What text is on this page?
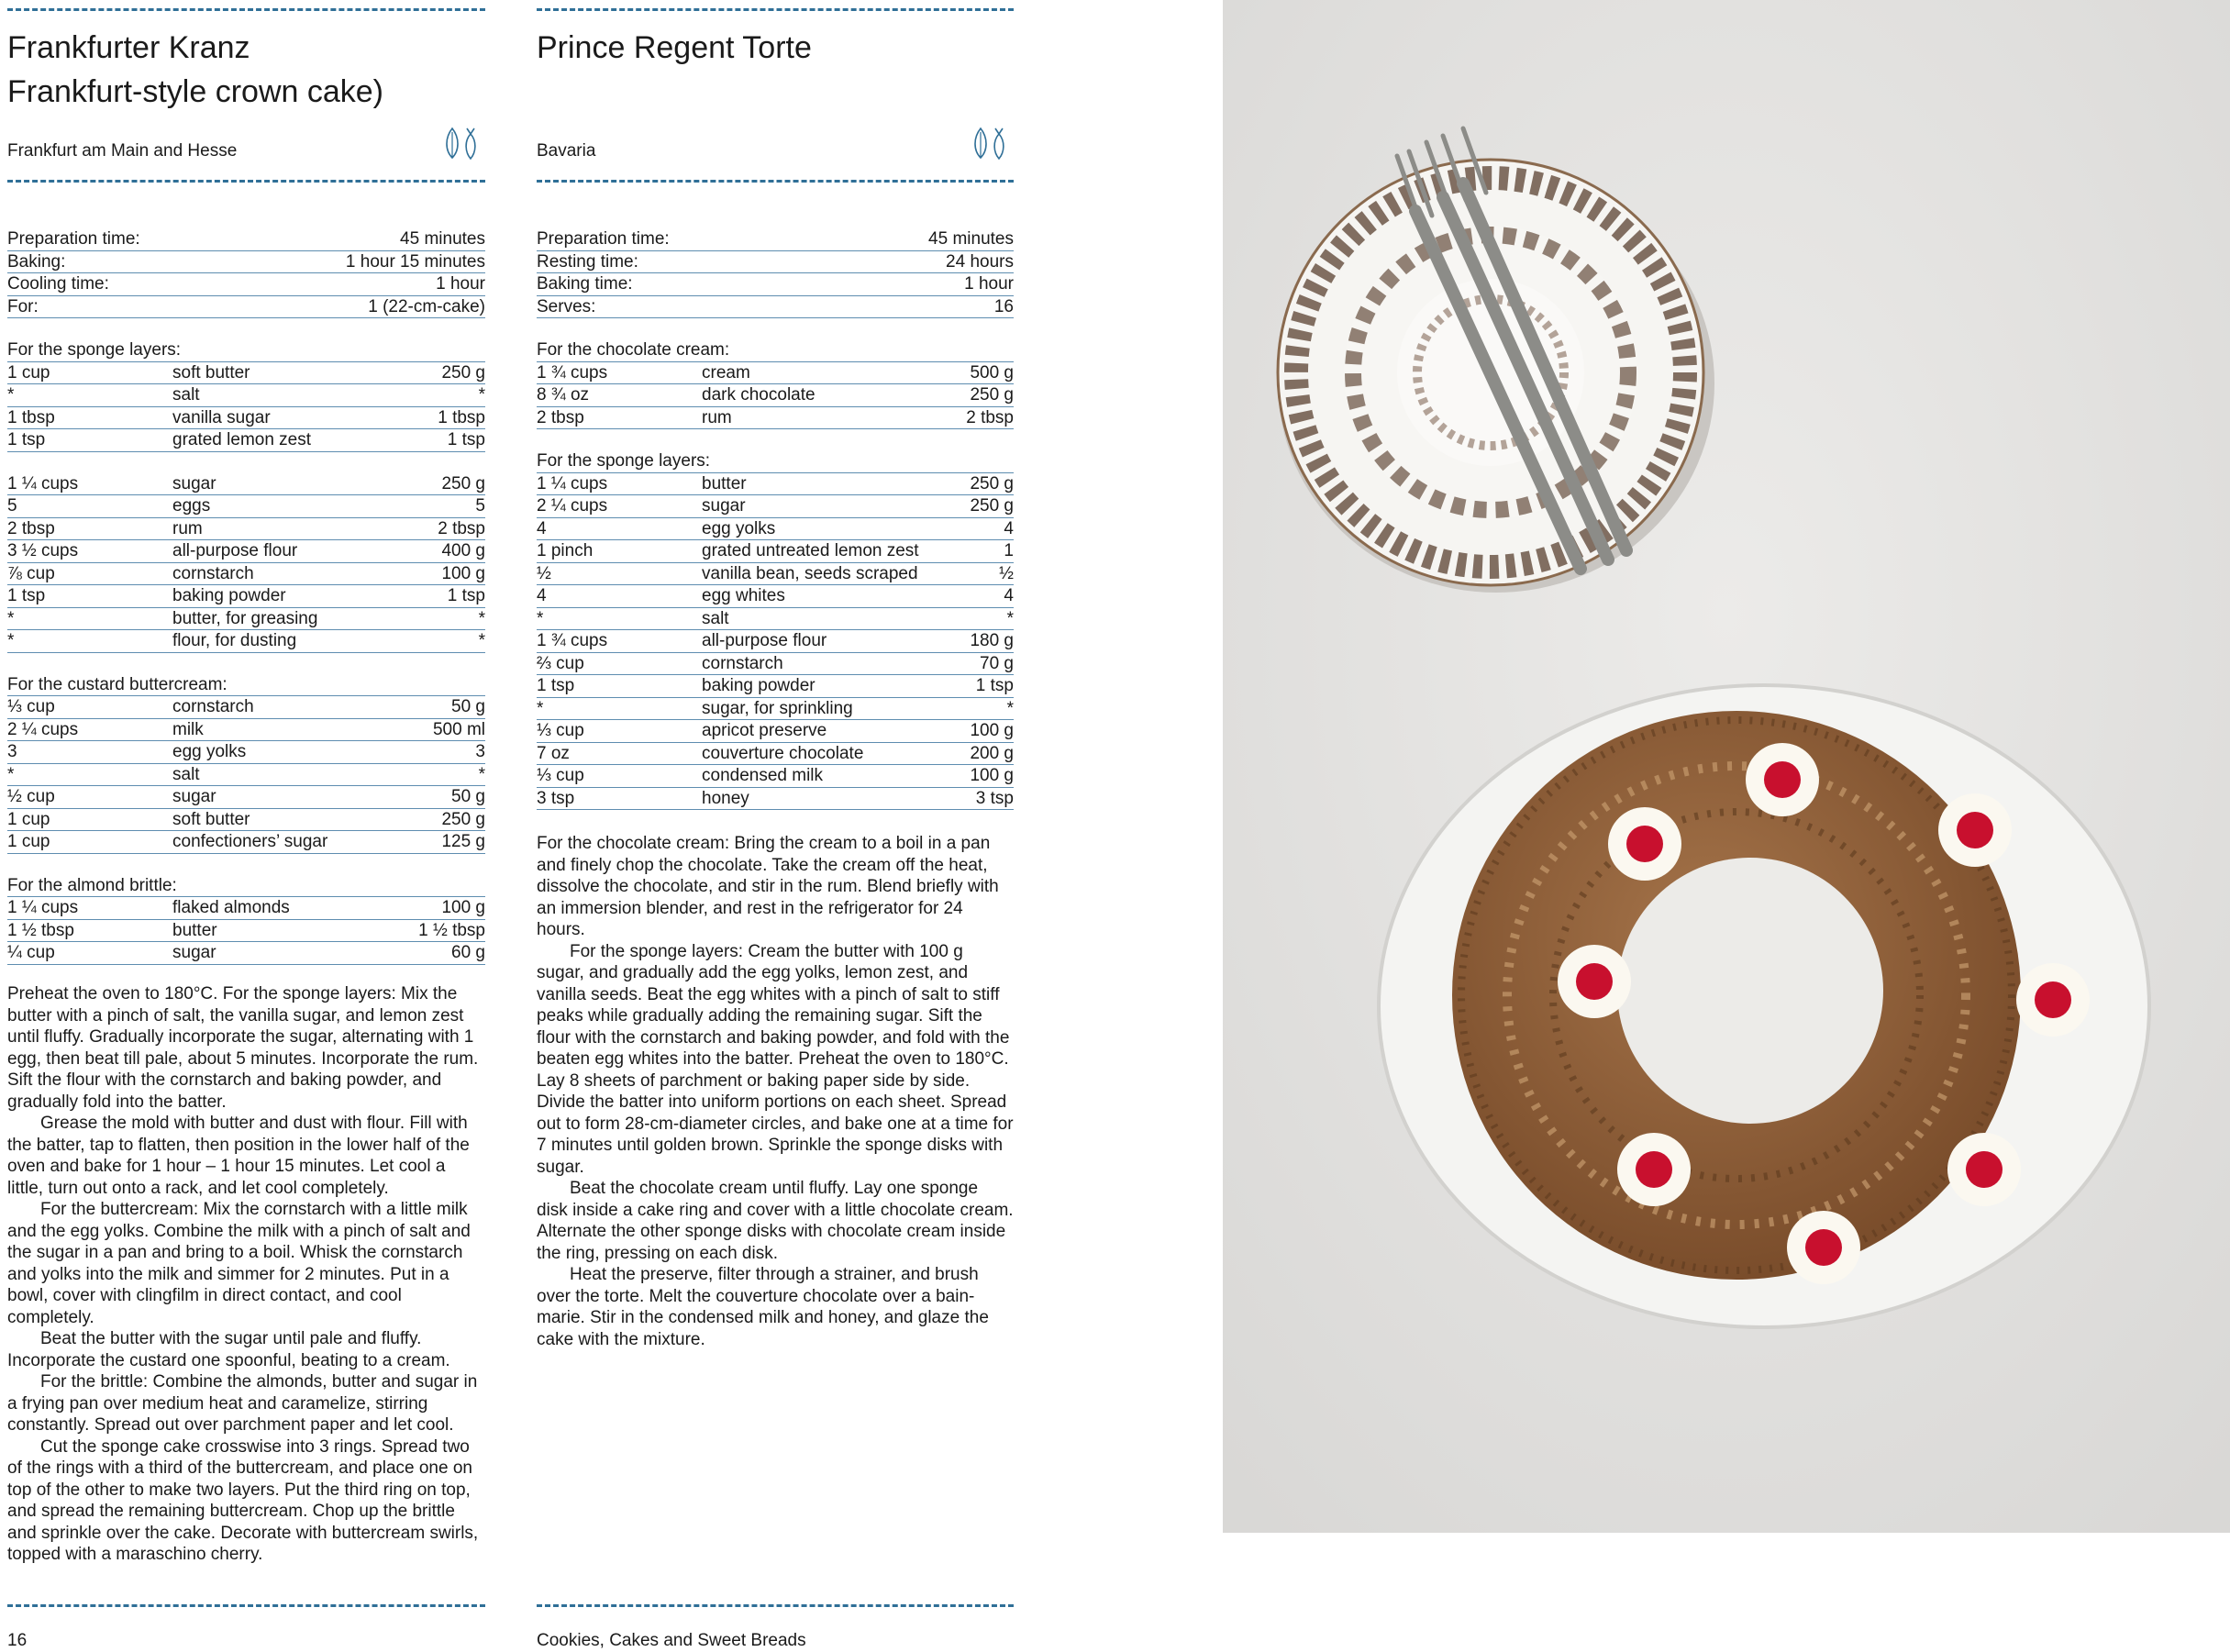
Frankfurter Kranz
Frankfurt-style crown cake)
Frankfurt am Main and Hesse
Preparation time:	45 minutes
Baking:	1 hour 15 minutes
Cooling time:	1 hour
For:	1 (22-cm-cake)
For the sponge layers:
1 cup	soft butter	250 g
*	salt	*
1 tbsp	vanilla sugar	1 tbsp
1 tsp	grated lemon zest	1 tsp
1 ¼ cups	sugar	250 g
5	eggs	5
2 tbsp	rum	2 tbsp
3 ½ cups	all-purpose flour	400 g
⅞ cup	cornstarch	100 g
1 tsp	baking powder	1 tsp
*	butter, for greasing	*
*	flour, for dusting	*
For the custard buttercream:
⅓ cup	cornstarch	50 g
2 ¼ cups	milk	500 ml
3	egg yolks	3
*	salt	*
½ cup	sugar	50 g
1 cup	soft butter	250 g
1 cup	confectioners’ sugar	125 g
For the almond brittle:
1 ¼ cups	flaked almonds	100 g
1 ½ tbsp	butter	1 ½ tbsp
¼ cup	sugar	60 g

Preheat the oven to 180°C. For the sponge layers: Mix the butter with a pinch of salt, the vanilla sugar, and lemon zest until fluffy. Gradually incorporate the sugar, alternating with 1 egg, then beat till pale, about 5 minutes. Incorporate the rum. Sift the flour with the cornstarch and baking powder, and gradually fold into the batter.

Grease the mold with butter and dust with flour. Fill with the batter, tap to flatten, then position in the lower half of the oven and bake for 1 hour – 1 hour 15 minutes. Let cool a little, turn out onto a rack, and let cool completely.

For the buttercream: Mix the cornstarch with a little milk and the egg yolks. Combine the milk with a pinch of salt and the sugar in a pan and bring to a boil. Whisk the cornstarch and yolks into the milk and simmer for 2 minutes. Put in a bowl, cover with clingfilm in direct contact, and cool completely.

Beat the butter with the sugar until pale and fluffy. Incorporate the custard one spoonful, beating to a cream.

For the brittle: Combine the almonds, butter and sugar in a frying pan over medium heat and caramelize, stirring constantly. Spread out over parchment paper and let cool.

Cut the sponge cake crosswise into 3 rings. Spread two of the rings with a third of the buttercream, and place one on top of the other to make two layers. Put the third ring on top, and spread the remaining buttercream. Chop up the brittle and sprinkle over the cake. Decorate with buttercream swirls, topped with a maraschino cherry.

16
Prince Regent Torte
Bavaria
Preparation time:	45 minutes
Resting time:	24 hours
Baking time:	1 hour
Serves:	16
For the chocolate cream:
1 ¾ cups	cream	500 g
8 ¾ oz	dark chocolate	250 g
2 tbsp	rum	2 tbsp
For the sponge layers:
1 ¼ cups	butter	250 g
2 ¼ cups	sugar	250 g
4	egg yolks	4
1 pinch	grated untreated lemon zest	1
½	vanilla bean, seeds scraped	½
4	egg whites	4
*	salt	*
1 ¾ cups	all-purpose flour	180 g
⅔ cup	cornstarch	70 g
1 tsp	baking powder	1 tsp
*	sugar, for sprinkling	*
⅓ cup	apricot preserve	100 g
7 oz	couverture chocolate	200 g
⅓ cup	condensed milk	100 g
3 tsp	honey	3 tsp

For the chocolate cream: Bring the cream to a boil in a pan and finely chop the chocolate. Take the cream off the heat, dissolve the chocolate, and stir in the rum. Blend briefly with an immersion blender, and rest in the refrigerator for 24 hours.

For the sponge layers: Cream the butter with 100 g sugar, and gradually add the egg yolks, lemon zest, and vanilla seeds. Beat the egg whites with a pinch of salt to stiff peaks while gradually adding the remaining sugar. Sift the flour with the cornstarch and baking powder, and fold with the beaten egg whites into the batter. Preheat the oven to 180°C. Lay 8 sheets of parchment or baking paper side by side. Divide the batter into uniform portions on each sheet. Spread out to form 28-cm-diameter circles, and bake one at a time for 7 minutes until golden brown. Sprinkle the sponge disks with sugar.

Beat the chocolate cream until fluffy. Lay one sponge disk inside a cake ring and cover with a little chocolate cream. Alternate the other sponge disks with chocolate cream inside the ring, pressing on each disk.

Heat the preserve, filter through a strainer, and brush over the torte. Melt the couverture chocolate over a bain-marie. Stir in the condensed milk and honey, and glaze the cake with the mixture.

Cookies, Cakes and Sweet Breads
